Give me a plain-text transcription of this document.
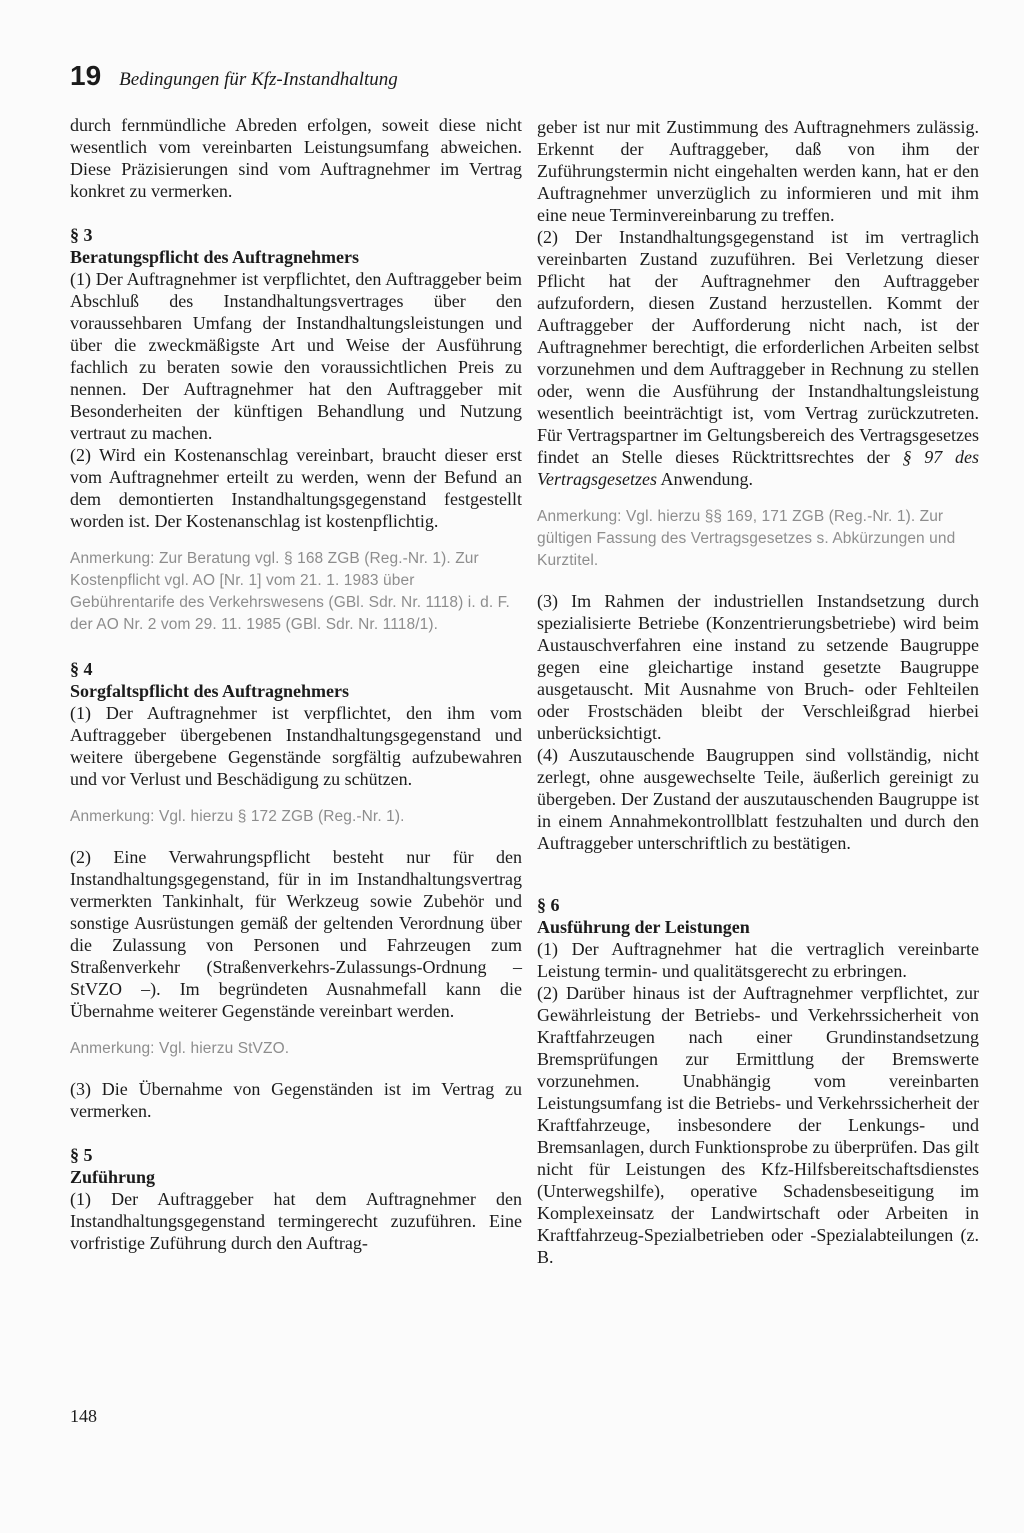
19 Bedingungen für Kfz-Instandhaltung

durch fernmündliche Abreden erfolgen, soweit diese nicht wesentlich vom vereinbarten Leistungsumfang abweichen. Diese Präzisierungen sind vom Auftragnehmer im Vertrag konkret zu vermerken.

§ 3

Beratungspflicht des Auftragnehmers

(1) Der Auftragnehmer ist verpflichtet, den Auftraggeber beim Abschluß des Instandhaltungsvertrages über den voraussehbaren Umfang der Instandhaltungsleistungen und über die zweckmäßigste Art und Weise der Ausführung fachlich zu beraten sowie den voraussichtlichen Preis zu nennen. Der Auftragnehmer hat den Auftraggeber mit Besonderheiten der künftigen Behandlung und Nutzung vertraut zu machen.

(2) Wird ein Kostenanschlag vereinbart, braucht dieser erst vom Auftragnehmer erteilt zu werden, wenn der Befund an dem demontierten Instandhaltungsgegenstand festgestellt worden ist. Der Kostenanschlag ist kostenpflichtig.

Anmerkung: Zur Beratung vgl. § 168 ZGB (Reg.-Nr. 1). Zur Kostenpflicht vgl. AO [Nr. 1] vom 21. 1. 1983 über Gebührentarife des Verkehrswesens (GBl. Sdr. Nr. 1118) i. d. F. der AO Nr. 2 vom 29. 11. 1985 (GBl. Sdr. Nr. 1118/1).

§ 4

Sorgfaltspflicht des Auftragnehmers

(1) Der Auftragnehmer ist verpflichtet, den ihm vom Auftraggeber übergebenen Instandhaltungsgegenstand und weitere übergebene Gegenstände sorgfältig aufzubewahren und vor Verlust und Beschädigung zu schützen.

Anmerkung: Vgl. hierzu § 172 ZGB (Reg.-Nr. 1).

(2) Eine Verwahrungspflicht besteht nur für den Instandhaltungsgegenstand, für in im Instandhaltungsvertrag vermerkten Tankinhalt, für Werkzeug sowie Zubehör und sonstige Ausrüstungen gemäß der geltenden Verordnung über die Zulassung von Personen und Fahrzeugen zum Straßenverkehr (Straßenverkehrs-Zulassungs-Ordnung – StVZO –). Im begründeten Ausnahmefall kann die Übernahme weiterer Gegenstände vereinbart werden.

Anmerkung: Vgl. hierzu StVZO.

(3) Die Übernahme von Gegenständen ist im Vertrag zu vermerken.

§ 5

Zuführung

(1) Der Auftraggeber hat dem Auftragnehmer den Instandhaltungsgegenstand termingerecht zuzuführen. Eine vorfristige Zuführung durch den Auftrag-

geber ist nur mit Zustimmung des Auftragnehmers zulässig. Erkennt der Auftraggeber, daß von ihm der Zuführungstermin nicht eingehalten werden kann, hat er den Auftragnehmer unverzüglich zu informieren und mit ihm eine neue Terminvereinbarung zu treffen.

(2) Der Instandhaltungsgegenstand ist im vertraglich vereinbarten Zustand zuzuführen. Bei Verletzung dieser Pflicht hat der Auftragnehmer den Auftraggeber aufzufordern, diesen Zustand herzustellen. Kommt der Auftraggeber der Aufforderung nicht nach, ist der Auftragnehmer berechtigt, die erforderlichen Arbeiten selbst vorzunehmen und dem Auftraggeber in Rechnung zu stellen oder, wenn die Ausführung der Instandhaltungsleistung wesentlich beeinträchtigt ist, vom Vertrag zurückzutreten. Für Vertragspartner im Geltungsbereich des Vertragsgesetzes findet an Stelle dieses Rücktrittsrechtes der § 97 des Vertragsgesetzes Anwendung.

Anmerkung: Vgl. hierzu §§ 169, 171 ZGB (Reg.-Nr. 1). Zur gültigen Fassung des Vertragsgesetzes s. Abkürzungen und Kurztitel.

(3) Im Rahmen der industriellen Instandsetzung durch spezialisierte Betriebe (Konzentrierungsbetriebe) wird beim Austauschverfahren eine instand zu setzende Baugruppe gegen eine gleichartige instand gesetzte Baugruppe ausgetauscht. Mit Ausnahme von Bruch- oder Fehlteilen oder Frostschäden bleibt der Verschleißgrad hierbei unberücksichtigt.

(4) Auszutauschende Baugruppen sind vollständig, nicht zerlegt, ohne ausgewechselte Teile, äußerlich gereinigt zu übergeben. Der Zustand der auszutauschenden Baugruppe ist in einem Annahmekontrollblatt festzuhalten und durch den Auftraggeber unterschriftlich zu bestätigen.

§ 6

Ausführung der Leistungen

(1) Der Auftragnehmer hat die vertraglich vereinbarte Leistung termin- und qualitätsgerecht zu erbringen.

(2) Darüber hinaus ist der Auftragnehmer verpflichtet, zur Gewährleistung der Betriebs- und Verkehrssicherheit von Kraftfahrzeugen nach einer Grundinstandsetzung Bremsprüfungen zur Ermittlung der Bremswerte vorzunehmen. Unabhängig vom vereinbarten Leistungsumfang ist die Betriebs- und Verkehrssicherheit der Kraftfahrzeuge, insbesondere der Lenkungs- und Bremsanlagen, durch Funktionsprobe zu überprüfen. Das gilt nicht für Leistungen des Kfz-Hilfsbereitschaftsdienstes (Unterwegshilfe), operative Schadensbeseitigung im Komplexeinsatz der Landwirtschaft oder Arbeiten in Kraftfahrzeug-Spezialbetrieben oder -Spezialabteilungen (z. B.

148
